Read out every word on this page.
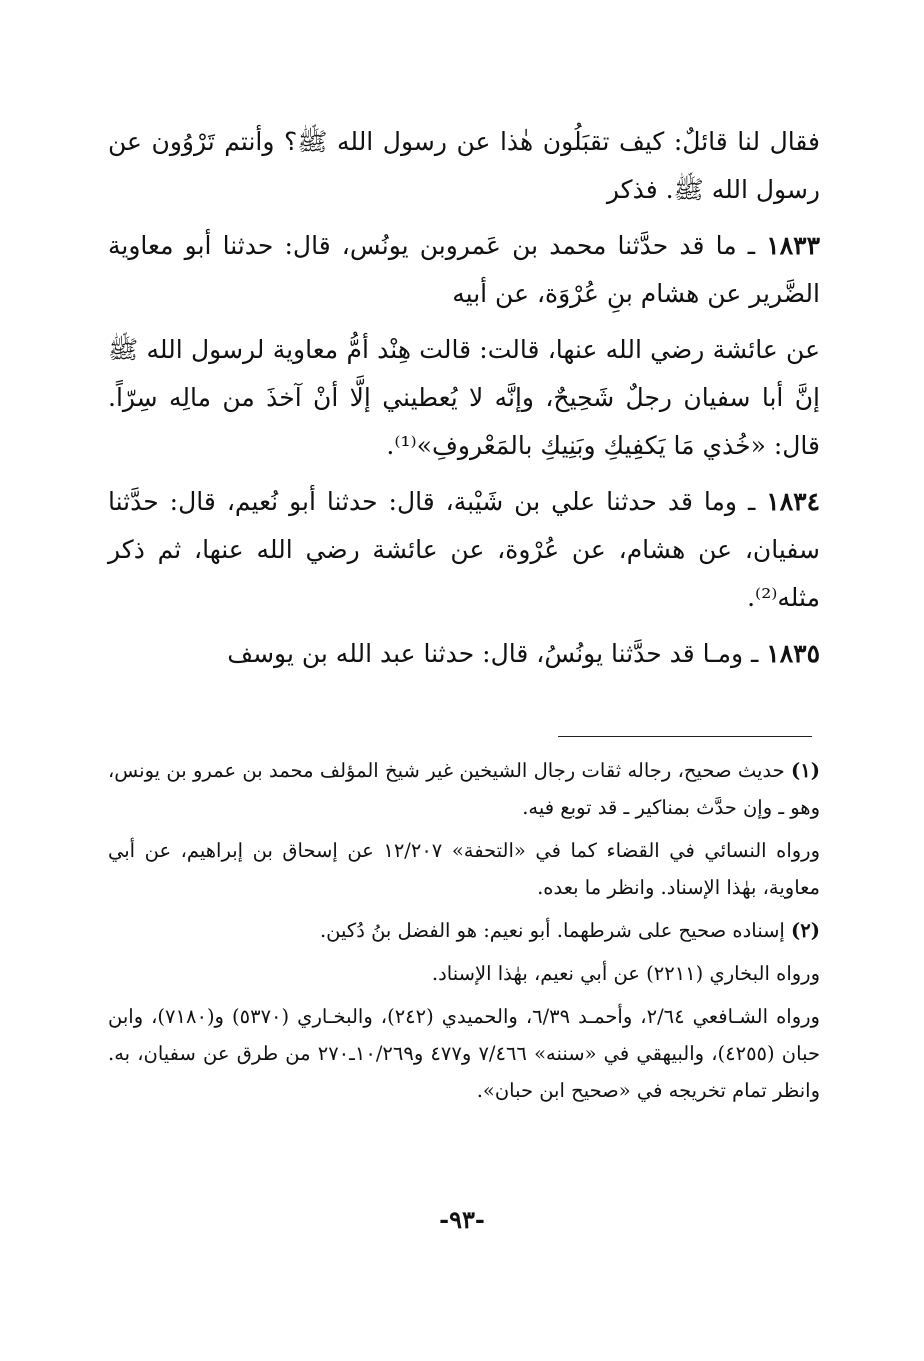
فقال لنا قائلٌ: كيف تقبَلُون هٰذا عن رسول الله ﷺ؟ وأنتم تَرْوُون عن رسول الله ﷺ. فذكر

١٨٣٣ ـ ما قد حدَّثنا محمد بن عَمروبن يونُس، قال: حدثنا أبو معاوية الضَّرير عن هشام بنِ عُرْوَة، عن أبيه

عن عائشة رضي الله عنها، قالت: قالت هِنْد أمُّ معاوية لرسول الله ﷺ إنَّ أبا سفيان رجلٌ شَحِيحٌ، وإنَّه لا يُعطيني إلَّا أنْ آخذَ من مالِه سِرّاً. قال: «خُذي مَا يَكفِيكِ وبَنِيكِ بالمَعْروفِ»⁽¹⁾.

١٨٣٤ ـ وما قد حدثنا علي بن شَيْبة، قال: حدثنا أبو نُعيم، قال: حدَّثنا سفيان، عن هشام، عن عُرْوة، عن عائشة رضي الله عنها، ثم ذكر مثله⁽²⁾.

١٨٣٥ ـ ومـا قد حدَّثنا يونُسُ، قال: حدثنا عبد الله بن يوسف

(١) حديث صحيح، رجاله ثقات رجال الشيخين غير شيخ المؤلف محمد بن عمرو بن يونس، وهو ـ وإن حدَّث بمناكير ـ قد توبع فيه.

ورواه النسائي في القضاء كما في «التحفة» ١٢/٢٠٧ عن إسحاق بن إبراهيم، عن أبي معاوية، بهٰذا الإسناد. وانظر ما بعده.

(٢) إسناده صحيح على شرطهما. أبو نعيم: هو الفضل بنُ دُكين.

ورواه البخاري (٢٢١١) عن أبي نعيم، بهٰذا الإسناد.

ورواه الشـافعي ٢/٦٤، وأحمـد ٦/٣٩، والحميدي (٢٤٢)، والبخـاري (٥٣٧٠) و(٧١٨٠)، وابن حبان (٤٢٥٥)، والبيهقي في «سننه» ٧/٤٦٦ و٤٧٧ و١٠/٢٦٩ـ٢٧٠ من طرق عن سفيان، به. وانظر تمام تخريجه في «صحيح ابن حبان».

-٩٣-
